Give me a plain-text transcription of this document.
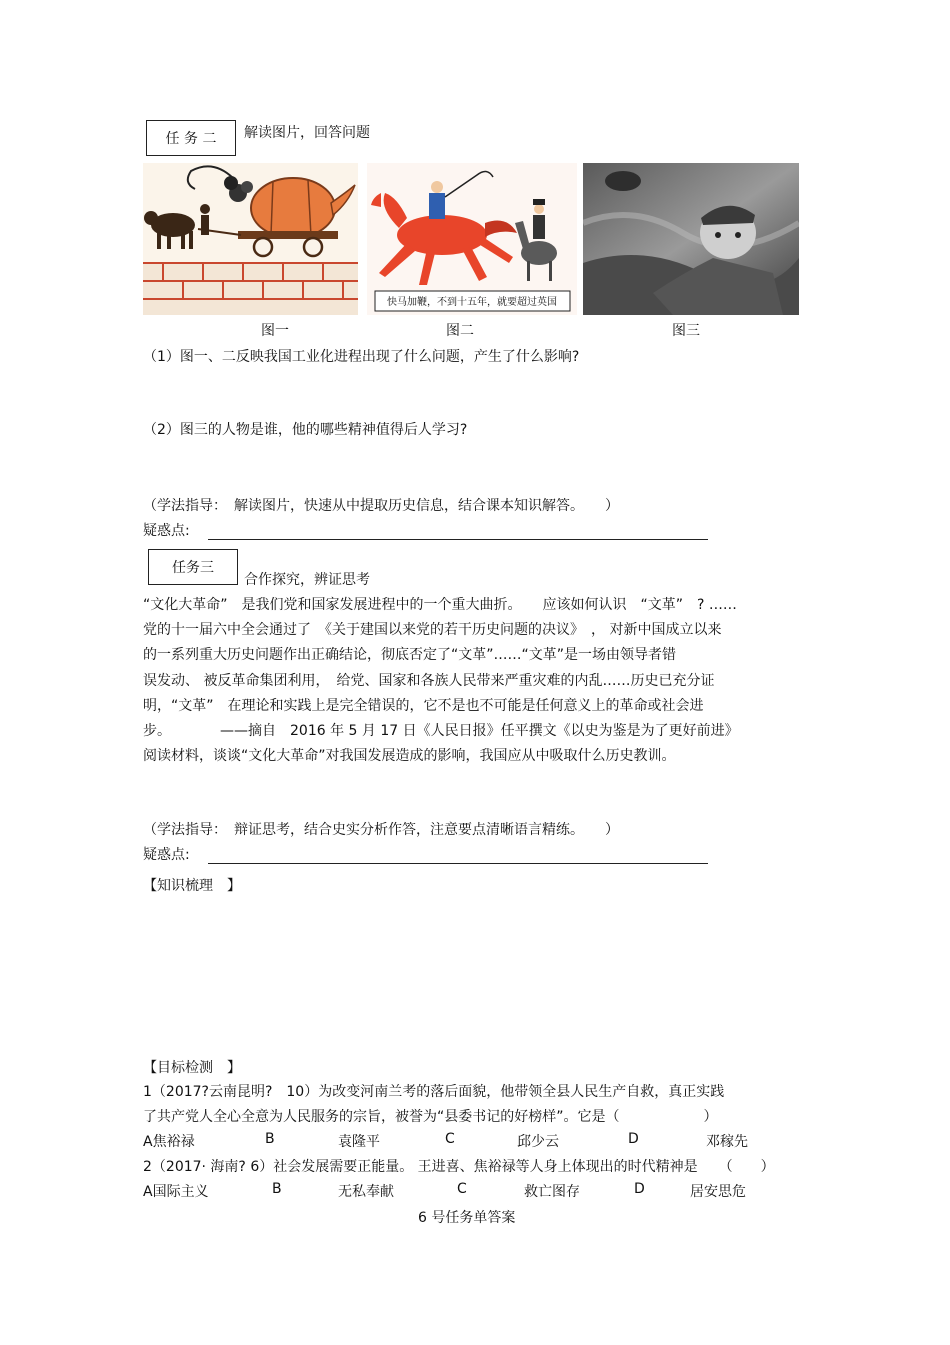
任 务 二 解读图片，回答问题
快马加鞭，不到十五年，就要超过英国
图一	图二	图三
（1）图一、二反映我国工业化进程出现了什么问题，产生了什么影响?
（2）图三的人物是谁，他的哪些精神值得后人学习?
（学法指导：　解读图片，快速从中提取历史信息，结合课本知识解答。　　）
疑惑点:
任务三
合作探究，辨证思考
“文化大革命”　是我们党和国家发展进程中的一个重大曲折。　　应该如何认识　“文革”　? ……
党的十一届六中全会通过了　《关于建国以来党的若干历史问题的决议》　， 对新中国成立以来
的一系列重大历史问题作出正确结论，彻底否定了“文革”……“文革”是一场由领导者错
误发动、 被反革命集团利用，　给党、国家和各族人民带来严重灾难的内乱……历史已充分证
明，“文革”　在理论和实践上是完全错误的，它不是也不可能是任何意义上的革命或社会进
步。　　　　——摘自　2016 年 5 月 17 日《人民日报》任平撰文《以史为鉴是为了更好前进》
阅读材料，谈谈“文化大革命”对我国发展造成的影响，我国应从中吸取什么历史教训。
（学法指导：　辩证思考，结合史实分析作答，注意要点清晰语言精练。　　）
疑惑点:
【知识梳理　】
【目标检测　】
1（2017?云南昆明?　10）为改变河南兰考的落后面貌，他带领全县人民生产自救，真正实践
了共产党人全心全意为人民服务的宗旨，被誉为“县委书记的好榜样”。它是（　　　　　　）
A焦裕禄	B	袁隆平	C	邱少云	D	邓稼先
2（2017· 海南? 6）社会发展需要正能量。 王进喜、焦裕禄等人身上体现出的时代精神是　　（　　）
A国际主义	B	无私奉献	C	救亡图存	D	居安思危
6 号任务单答案
